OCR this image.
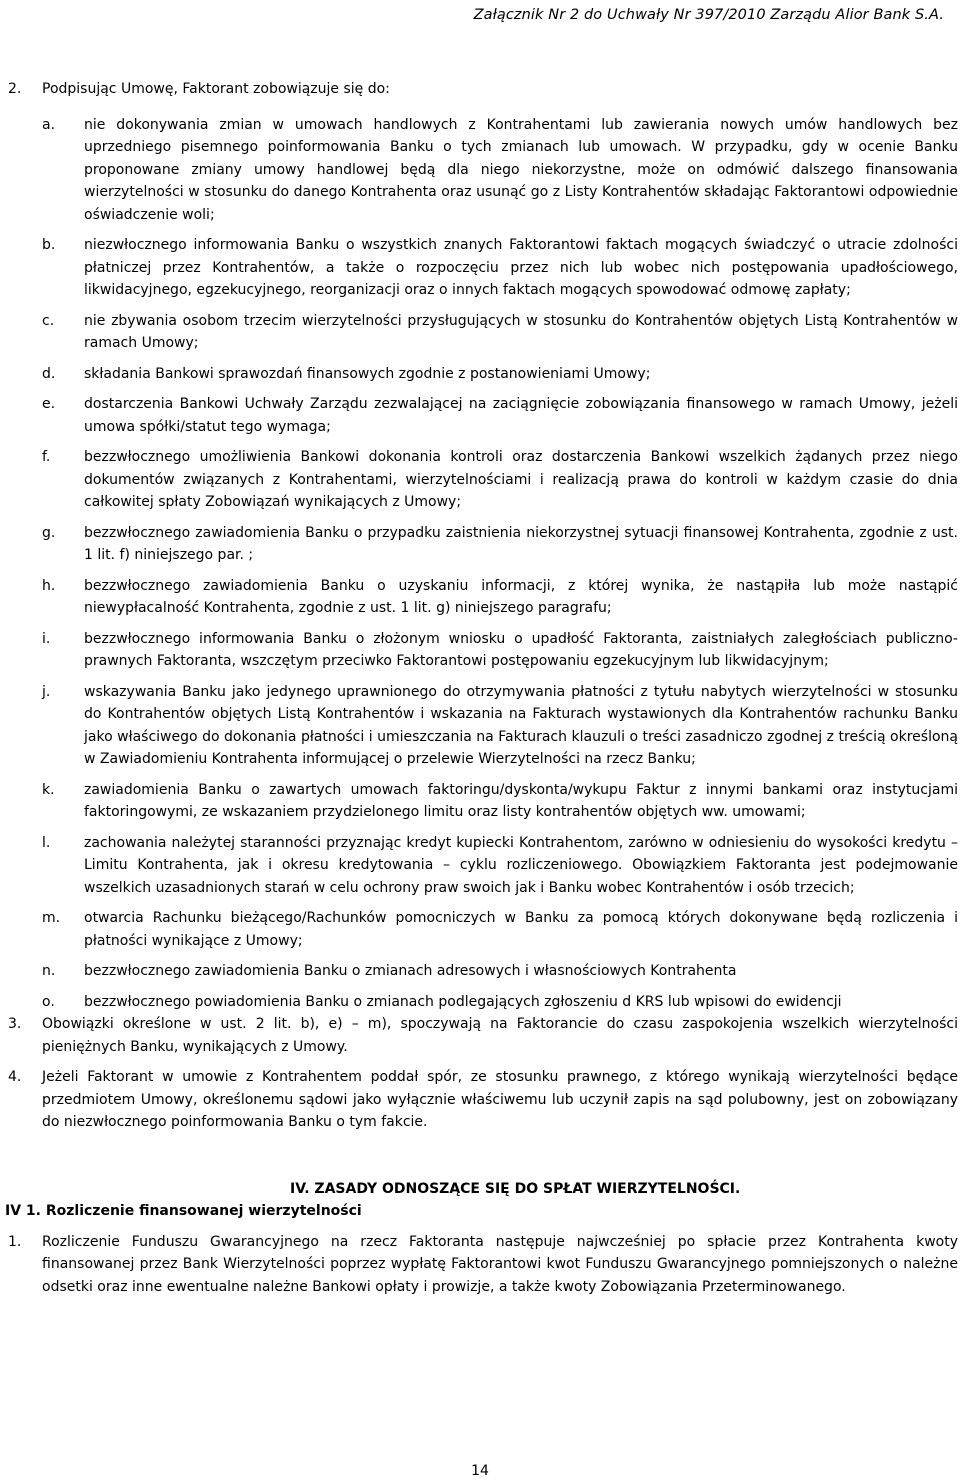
Załącznik Nr 2 do Uchwały Nr 397/2010 Zarządu Alior Bank S.A.
2.	Podpisując Umowę, Faktorant zobowiązuje się do:
a.	nie dokonywania zmian w umowach handlowych z Kontrahentami lub zawierania nowych umów handlowych bez uprzedniego pisemnego poinformowania Banku o tych zmianach lub umowach. W przypadku, gdy w ocenie Banku proponowane zmiany umowy handlowej będą dla niego niekorzystne, może on odmówić dalszego finansowania wierzytelności w stosunku do danego Kontrahenta oraz usunąć go z Listy Kontrahentów składając Faktorantowi odpowiednie oświadczenie woli;
b.	niezwłocznego informowania Banku o wszystkich znanych Faktorantowi faktach mogących świadczyć o utracie zdolności płatniczej przez Kontrahentów, a także o rozpoczęciu przez nich lub wobec nich postępowania upadłościowego, likwidacyjnego, egzekucyjnego, reorganizacji oraz o innych faktach mogących spowodować odmowę zapłaty;
c.	nie zbywania osobom trzecim wierzytelności przysługujących w stosunku do Kontrahentów objętych Listą Kontrahentów w ramach Umowy;
d.	składania Bankowi sprawozdań finansowych zgodnie z postanowieniami Umowy;
e.	dostarczenia Bankowi Uchwały Zarządu zezwalającej na zaciągnięcie zobowiązania finansowego w ramach Umowy, jeżeli umowa spółki/statut tego wymaga;
f.	bezzwłocznego umożliwienia Bankowi dokonania kontroli oraz dostarczenia Bankowi wszelkich żądanych przez niego dokumentów związanych z Kontrahentami, wierzytelnościami i realizacją prawa do kontroli w każdym czasie do dnia całkowitej spłaty Zobowiązań wynikających z Umowy;
g.	bezzwłocznego zawiadomienia Banku o przypadku zaistnienia niekorzystnej sytuacji finansowej Kontrahenta, zgodnie z ust. 1 lit. f) niniejszego par. ;
h.	bezzwłocznego zawiadomienia Banku o uzyskaniu informacji, z której wynika, że nastąpiła lub może nastąpić niewypłacalność Kontrahenta, zgodnie z ust. 1 lit. g) niniejszego paragrafu;
i.	bezzwłocznego informowania Banku o złożonym wniosku o upadłość Faktoranta, zaistniałych zaległościach publiczno-prawnych Faktoranta, wszczętym przeciwko Faktorantowi postępowaniu egzekucyjnym lub likwidacyjnym;
j.	wskazywania Banku jako jedynego uprawnionego do otrzymywania płatności z tytułu nabytych wierzytelności w stosunku do Kontrahentów objętych Listą Kontrahentów i wskazania na Fakturach wystawionych dla Kontrahentów rachunku Banku jako właściwego do dokonania płatności i umieszczania na Fakturach klauzuli o treści zasadniczo zgodnej z treścią określoną w Zawiadomieniu Kontrahenta informującej o przelewie Wierzytelności na rzecz Banku;
k.	zawiadomienia Banku o zawartych umowach faktoringu/dyskonta/wykupu Faktur z innymi bankami oraz instytucjami faktoringowymi, ze wskazaniem przydzielonego limitu oraz listy kontrahentów objętych ww. umowami;
l.	zachowania należytej staranności przyznając kredyt kupiecki Kontrahentom, zarówno w odniesieniu do wysokości kredytu – Limitu Kontrahenta, jak i okresu kredytowania – cyklu rozliczeniowego. Obowiązkiem Faktoranta jest podejmowanie wszelkich uzasadnionych starań w celu ochrony praw swoich jak i Banku wobec Kontrahentów i osób trzecich;
m.	otwarcia Rachunku bieżącego/Rachunków pomocniczych w Banku za pomocą których dokonywane będą rozliczenia i płatności wynikające z Umowy;
n.	bezzwłocznego zawiadomienia Banku o zmianach adresowych i własnościowych Kontrahenta
o.	bezzwłocznego powiadomienia Banku o zmianach podlegających zgłoszeniu d KRS lub wpisowi do ewidencji
3.	Obowiązki określone w ust. 2 lit. b), e) – m), spoczywają na Faktorancie do czasu zaspokojenia wszelkich wierzytelności pieniężnych Banku, wynikających z Umowy.
4.	Jeżeli Faktorant w umowie z Kontrahentem poddał spór, ze stosunku prawnego, z którego wynikają wierzytelności będące przedmiotem Umowy, określonemu sądowi jako wyłącznie właściwemu lub uczynił zapis na sąd polubowny, jest on zobowiązany do niezwłocznego poinformowania Banku o tym fakcie.
IV. ZASADY ODNOSZĄCE SIĘ DO SPŁAT WIERZYTELNOŚCI.
IV 1. Rozliczenie finansowanej wierzytelności
1.	Rozliczenie Funduszu Gwarancyjnego na rzecz Faktoranta następuje najwcześniej po spłacie przez Kontrahenta kwoty finansowanej przez Bank Wierzytelności poprzez wypłatę Faktorantowi kwot Funduszu Gwarancyjnego pomniejszonych o należne odsetki oraz inne ewentualne należne Bankowi opłaty i prowizje, a także kwoty Zobowiązania Przeterminowanego.
14
